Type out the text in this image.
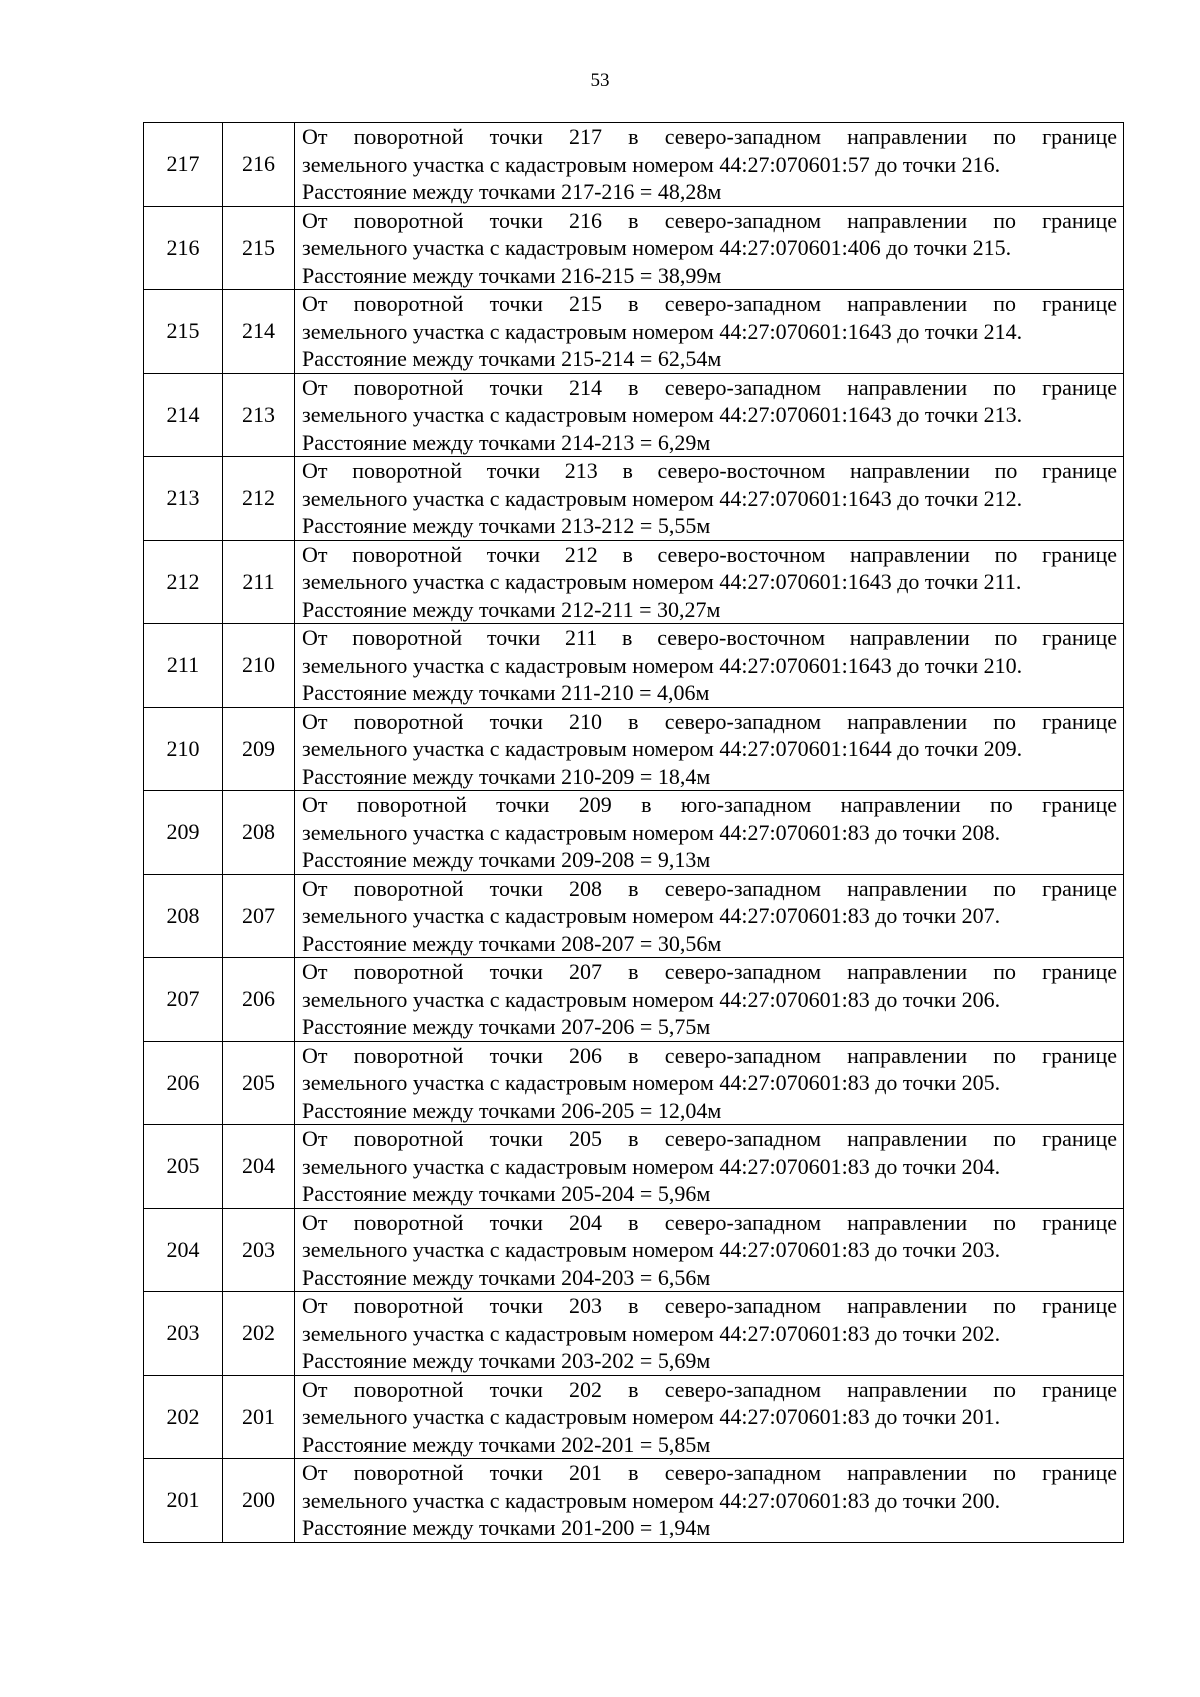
53
217	216	От поворотной точки 217 в северо-западном направлении по границе
земельного участка с кадастровым номером 44:27:070601:57 до точки 216.
Расстояние между точками 217-216 = 48,28м

216	215	От поворотной точки 216 в северо-западном направлении по границе
земельного участка с кадастровым номером 44:27:070601:406 до точки 215.
Расстояние между точками 216-215 = 38,99м

215	214	От поворотной точки 215 в северо-западном направлении по границе
земельного участка с кадастровым номером 44:27:070601:1643 до точки 214.
Расстояние между точками 215-214 = 62,54м

214	213	От поворотной точки 214 в северо-западном направлении по границе
земельного участка с кадастровым номером 44:27:070601:1643 до точки 213.
Расстояние между точками 214-213 = 6,29м

213	212	От поворотной точки 213 в северо-восточном направлении по границе
земельного участка с кадастровым номером 44:27:070601:1643 до точки 212.
Расстояние между точками 213-212 = 5,55м

212	211	От поворотной точки 212 в северо-восточном направлении по границе
земельного участка с кадастровым номером 44:27:070601:1643 до точки 211.
Расстояние между точками 212-211 = 30,27м

211	210	От поворотной точки 211 в северо-восточном направлении по границе
земельного участка с кадастровым номером 44:27:070601:1643 до точки 210.
Расстояние между точками 211-210 = 4,06м

210	209	От поворотной точки 210 в северо-западном направлении по границе
земельного участка с кадастровым номером 44:27:070601:1644 до точки 209.
Расстояние между точками 210-209 = 18,4м

209	208	От поворотной точки 209 в юго-западном направлении по границе
земельного участка с кадастровым номером 44:27:070601:83 до точки 208.
Расстояние между точками 209-208 = 9,13м

208	207	От поворотной точки 208 в северо-западном направлении по границе
земельного участка с кадастровым номером 44:27:070601:83 до точки 207.
Расстояние между точками 208-207 = 30,56м

207	206	От поворотной точки 207 в северо-западном направлении по границе
земельного участка с кадастровым номером 44:27:070601:83 до точки 206.
Расстояние между точками 207-206 = 5,75м

206	205	От поворотной точки 206 в северо-западном направлении по границе
земельного участка с кадастровым номером 44:27:070601:83 до точки 205.
Расстояние между точками 206-205 = 12,04м

205	204	От поворотной точки 205 в северо-западном направлении по границе
земельного участка с кадастровым номером 44:27:070601:83 до точки 204.
Расстояние между точками 205-204 = 5,96м

204	203	От поворотной точки 204 в северо-западном направлении по границе
земельного участка с кадастровым номером 44:27:070601:83 до точки 203.
Расстояние между точками 204-203 = 6,56м

203	202	От поворотной точки 203 в северо-западном направлении по границе
земельного участка с кадастровым номером 44:27:070601:83 до точки 202.
Расстояние между точками 203-202 = 5,69м

202	201	От поворотной точки 202 в северо-западном направлении по границе
земельного участка с кадастровым номером 44:27:070601:83 до точки 201.
Расстояние между точками 202-201 = 5,85м

201	200	От поворотной точки 201 в северо-западном направлении по границе
земельного участка с кадастровым номером 44:27:070601:83 до точки 200.
Расстояние между точками 201-200 = 1,94м
